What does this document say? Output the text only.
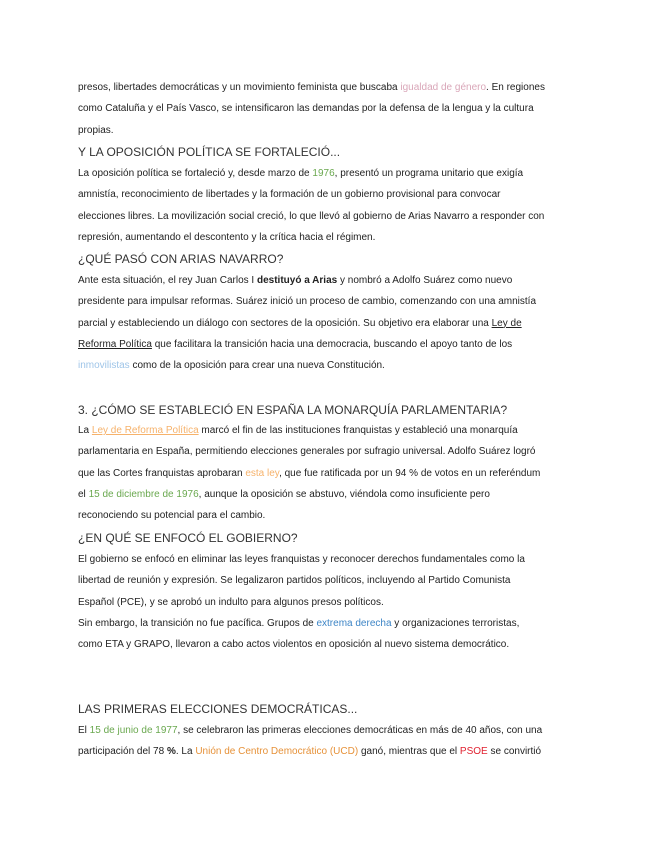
presos, libertades democráticas y un movimiento feminista que buscaba igualdad de género. En regiones
como Cataluña y el País Vasco, se intensificaron las demandas por la defensa de la lengua y la cultura
propias.
Y LA OPOSICIÓN POLÍTICA SE FORTALECIÓ...
La oposición política se fortaleció y, desde marzo de 1976, presentó un programa unitario que exigía
amnistía, reconocimiento de libertades y la formación de un gobierno provisional para convocar
elecciones libres. La movilización social creció, lo que llevó al gobierno de Arias Navarro a responder con
represión, aumentando el descontento y la crítica hacia el régimen.
¿QUÉ PASÓ CON ARIAS NAVARRO?
Ante esta situación, el rey Juan Carlos I destituyó a Arias y nombró a Adolfo Suárez como nuevo
presidente para impulsar reformas. Suárez inició un proceso de cambio, comenzando con una amnistía
parcial y estableciendo un diálogo con sectores de la oposición. Su objetivo era elaborar una Ley de
Reforma Política que facilitara la transición hacia una democracia, buscando el apoyo tanto de los
inmovilistas como de la oposición para crear una nueva Constitución.
3. ¿CÓMO SE ESTABLECIÓ EN ESPAÑA LA MONARQUÍA PARLAMENTARIA?
La Ley de Reforma Política marcó el fin de las instituciones franquistas y estableció una monarquía
parlamentaria en España, permitiendo elecciones generales por sufragio universal. Adolfo Suárez logró
que las Cortes franquistas aprobaran esta ley, que fue ratificada por un 94 % de votos en un referéndum
el 15 de diciembre de 1976, aunque la oposición se abstuvo, viéndola como insuficiente pero
reconociendo su potencial para el cambio.
¿EN QUÉ SE ENFOCÓ EL GOBIERNO?
El gobierno se enfocó en eliminar las leyes franquistas y reconocer derechos fundamentales como la
libertad de reunión y expresión. Se legalizaron partidos políticos, incluyendo al Partido Comunista
Español (PCE), y se aprobó un indulto para algunos presos políticos.
Sin embargo, la transición no fue pacífica. Grupos de extrema derecha y organizaciones terroristas,
como ETA y GRAPO, llevaron a cabo actos violentos en oposición al nuevo sistema democrático.
LAS PRIMERAS ELECCIONES DEMOCRÁTICAS...
El 15 de junio de 1977, se celebraron las primeras elecciones democráticas en más de 40 años, con una
participación del 78 %. La Unión de Centro Democrático (UCD) ganó, mientras que el PSOE se convirtió
